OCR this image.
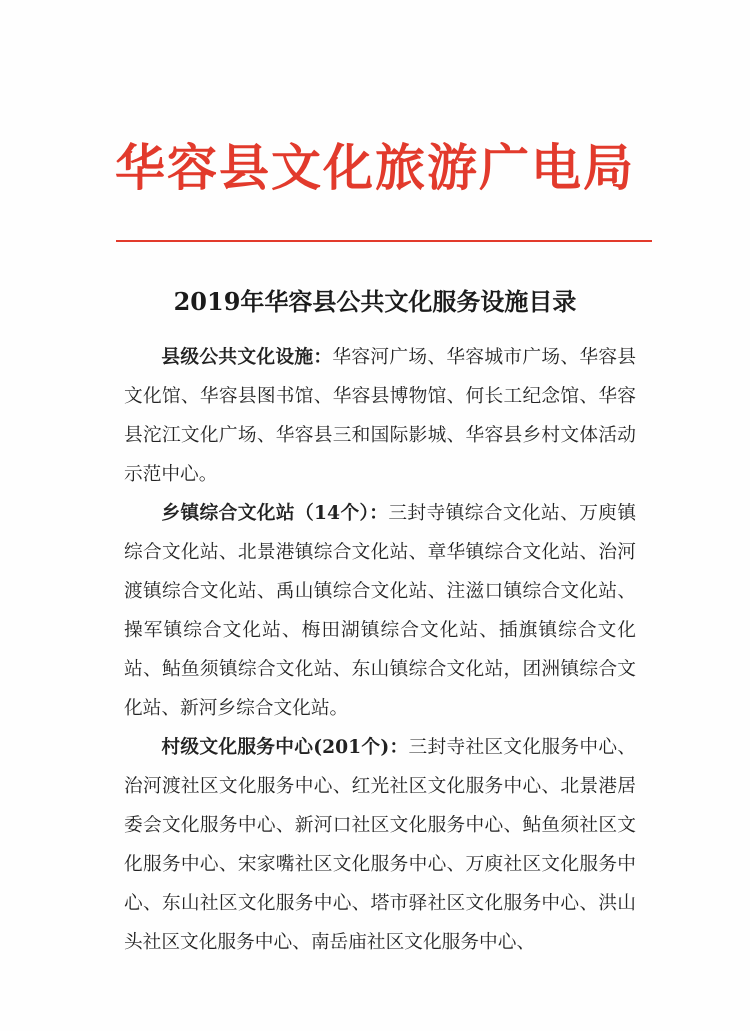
华容县文化旅游广电局
2019年华容县公共文化服务设施目录

县级公共文化设施：华容河广场、华容城市广场、华容县文化馆、华容县图书馆、华容县博物馆、何长工纪念馆、华容县沱江文化广场、华容县三和国际影城、华容县乡村文体活动示范中心。

乡镇综合文化站（14个）：三封寺镇综合文化站、万庾镇综合文化站、北景港镇综合文化站、章华镇综合文化站、治河渡镇综合文化站、禹山镇综合文化站、注滋口镇综合文化站、操军镇综合文化站、梅田湖镇综合文化站、插旗镇综合文化站、鲇鱼须镇综合文化站、东山镇综合文化站，团洲镇综合文化站、新河乡综合文化站。

村级文化服务中心(201个)：三封寺社区文化服务中心、治河渡社区文化服务中心、红光社区文化服务中心、北景港居委会文化服务中心、新河口社区文化服务中心、鲇鱼须社区文化服务中心、宋家嘴社区文化服务中心、万庾社区文化服务中心、东山社区文化服务中心、塔市驿社区文化服务中心、洪山头社区文化服务中心、南岳庙社区文化服务中心、
